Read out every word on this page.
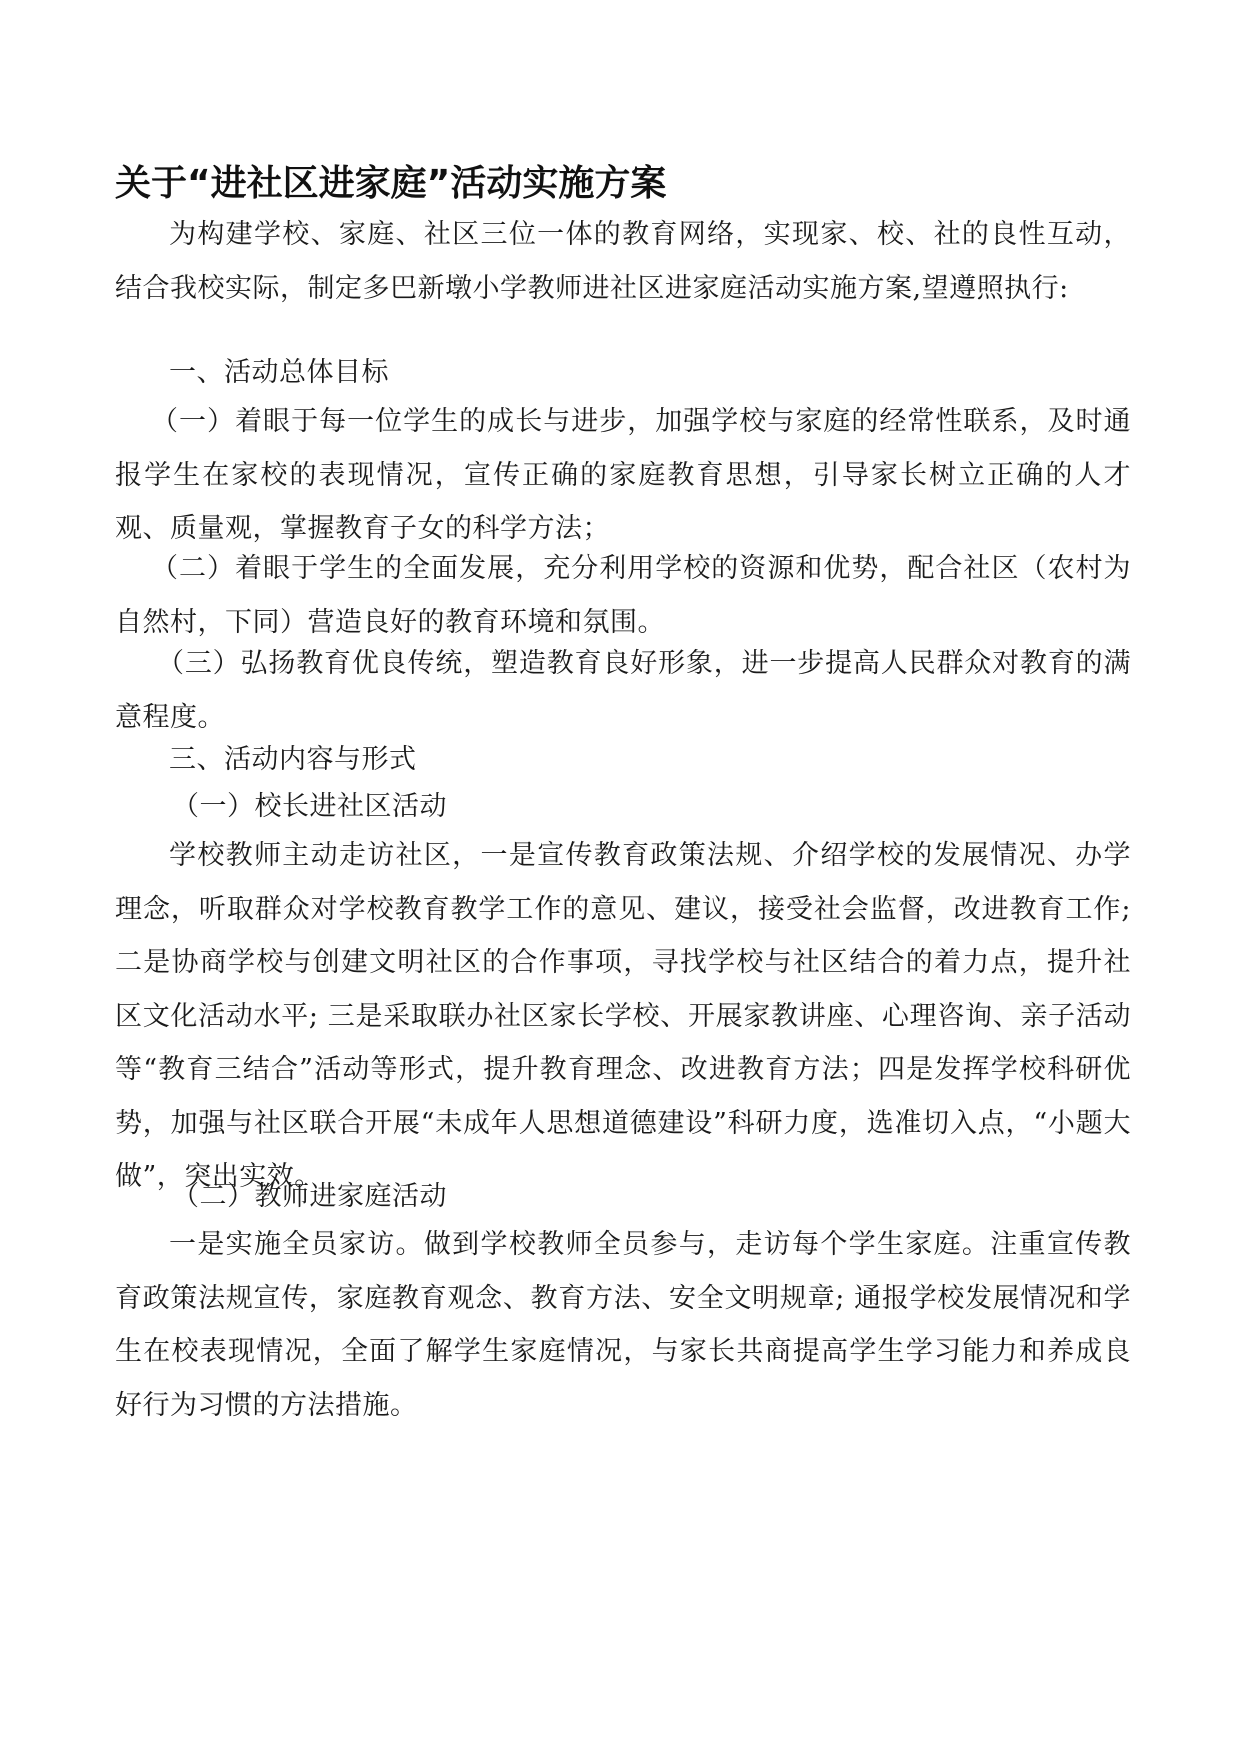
关于“进社区进家庭”活动实施方案

为构建学校、家庭、社区三位一体的教育网络，实现家、校、社的良性互动，结合我校实际，制定多巴新墩小学教师进社区进家庭活动实施方案,望遵照执行:

一、活动总体目标

（一）着眼于每一位学生的成长与进步，加强学校与家庭的经常性联系，及时通报学生在家校的表现情况，宣传正确的家庭教育思想，引导家长树立正确的人才观、质量观，掌握教育子女的科学方法；

（二）着眼于学生的全面发展，充分利用学校的资源和优势，配合社区（农村为自然村，下同）营造良好的教育环境和氛围。

（三）弘扬教育优良传统，塑造教育良好形象，进一步提高人民群众对教育的满意程度。

三、活动内容与形式

（一）校长进社区活动

学校教师主动走访社区，一是宣传教育政策法规、介绍学校的发展情况、办学理念，听取群众对学校教育教学工作的意见、建议，接受社会监督，改进教育工作; 二是协商学校与创建文明社区的合作事项，寻找学校与社区结合的着力点，提升社区文化活动水平; 三是采取联办社区家长学校、开展家教讲座、心理咨询、亲子活动等“教育三结合”活动等形式，提升教育理念、改进教育方法；四是发挥学校科研优势，加强与社区联合开展“未成年人思想道德建设”科研力度，选准切入点，“小题大做”，突出实效。

（二）教师进家庭活动

一是实施全员家访。做到学校教师全员参与，走访每个学生家庭。注重宣传教育政策法规宣传，家庭教育观念、教育方法、安全文明规章; 通报学校发展情况和学生在校表现情况，全面了解学生家庭情况，与家长共商提高学生学习能力和养成良好行为习惯的方法措施。
